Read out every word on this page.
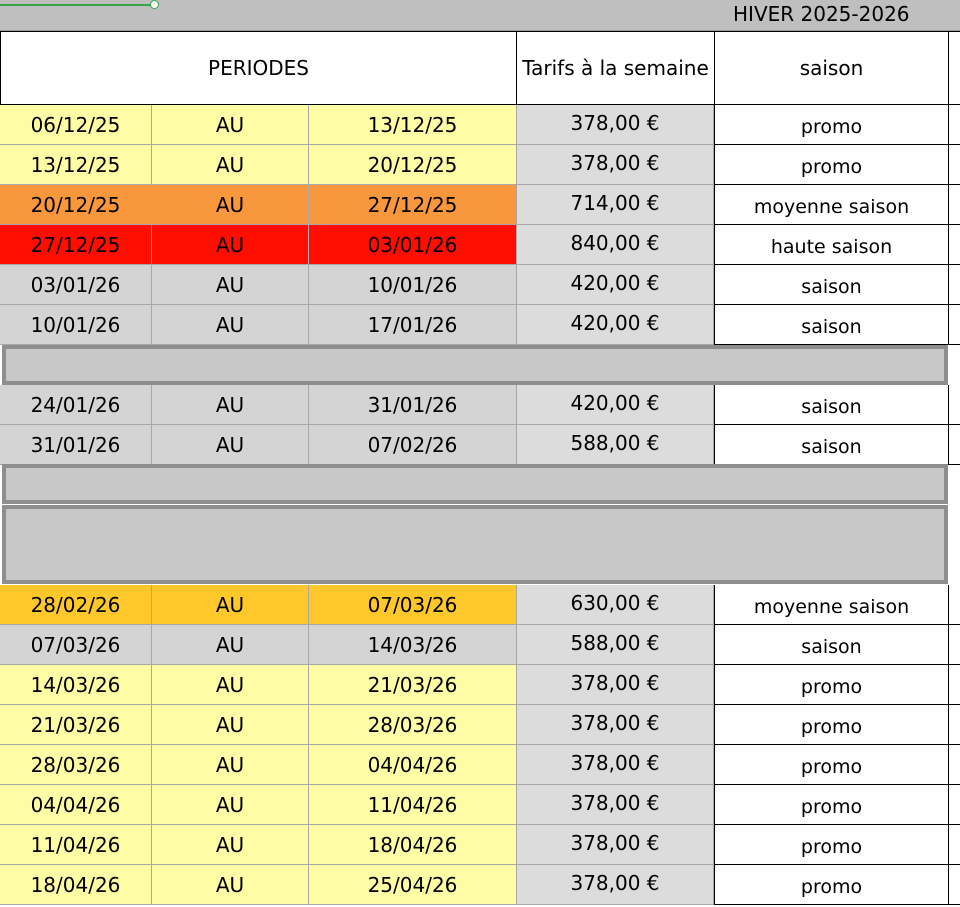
HIVER 2025-2026
PERIODES	Tarifs à la semaine	saison
06/12/25	AU	13/12/25	378,00 €	promo
13/12/25	AU	20/12/25	378,00 €	promo
20/12/25	AU	27/12/25	714,00 €	moyenne saison
27/12/25	AU	03/01/26	840,00 €	haute saison
03/01/26	AU	10/01/26	420,00 €	saison
10/01/26	AU	17/01/26	420,00 €	saison
24/01/26	AU	31/01/26	420,00 €	saison
31/01/26	AU	07/02/26	588,00 €	saison
28/02/26	AU	07/03/26	630,00 €	moyenne saison
07/03/26	AU	14/03/26	588,00 €	saison
14/03/26	AU	21/03/26	378,00 €	promo
21/03/26	AU	28/03/26	378,00 €	promo
28/03/26	AU	04/04/26	378,00 €	promo
04/04/26	AU	11/04/26	378,00 €	promo
11/04/26	AU	18/04/26	378,00 €	promo
18/04/26	AU	25/04/26	378,00 €	promo
